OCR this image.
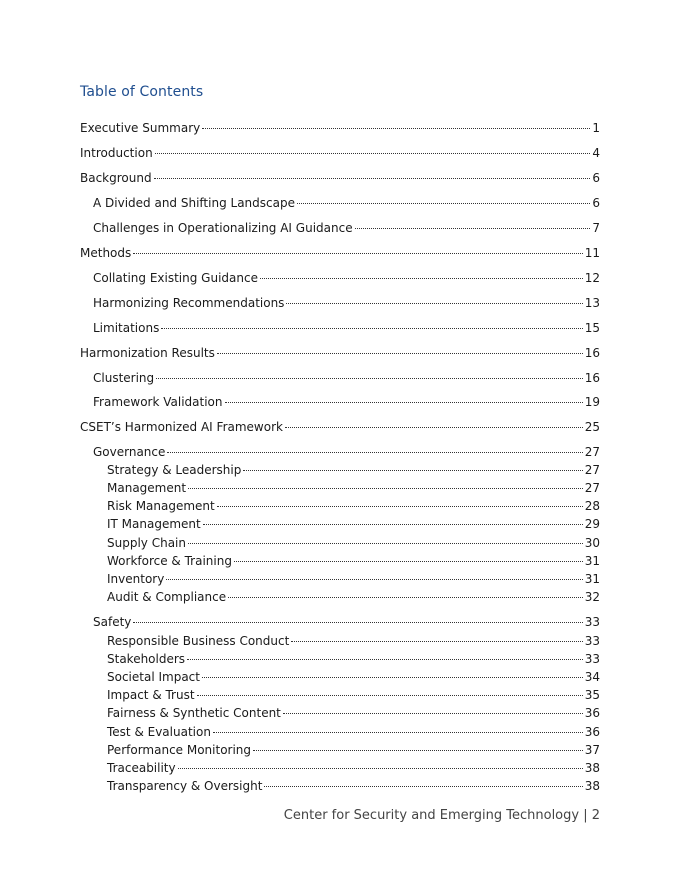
Table of Contents
Executive Summary	1
Introduction	4
Background	6
A Divided and Shifting Landscape	6
Challenges in Operationalizing AI Guidance	7
Methods	11
Collating Existing Guidance	12
Harmonizing Recommendations	13
Limitations	15
Harmonization Results	16
Clustering	16
Framework Validation	19
CSET’s Harmonized AI Framework	25
Governance	27
Strategy & Leadership	27
Management	27
Risk Management	28
IT Management	29
Supply Chain	30
Workforce & Training	31
Inventory	31
Audit & Compliance	32
Safety	33
Responsible Business Conduct	33
Stakeholders	33
Societal Impact	34
Impact & Trust	35
Fairness & Synthetic Content	36
Test & Evaluation	36
Performance Monitoring	37
Traceability	38
Transparency & Oversight	38
Center for Security and Emerging Technology | 2
